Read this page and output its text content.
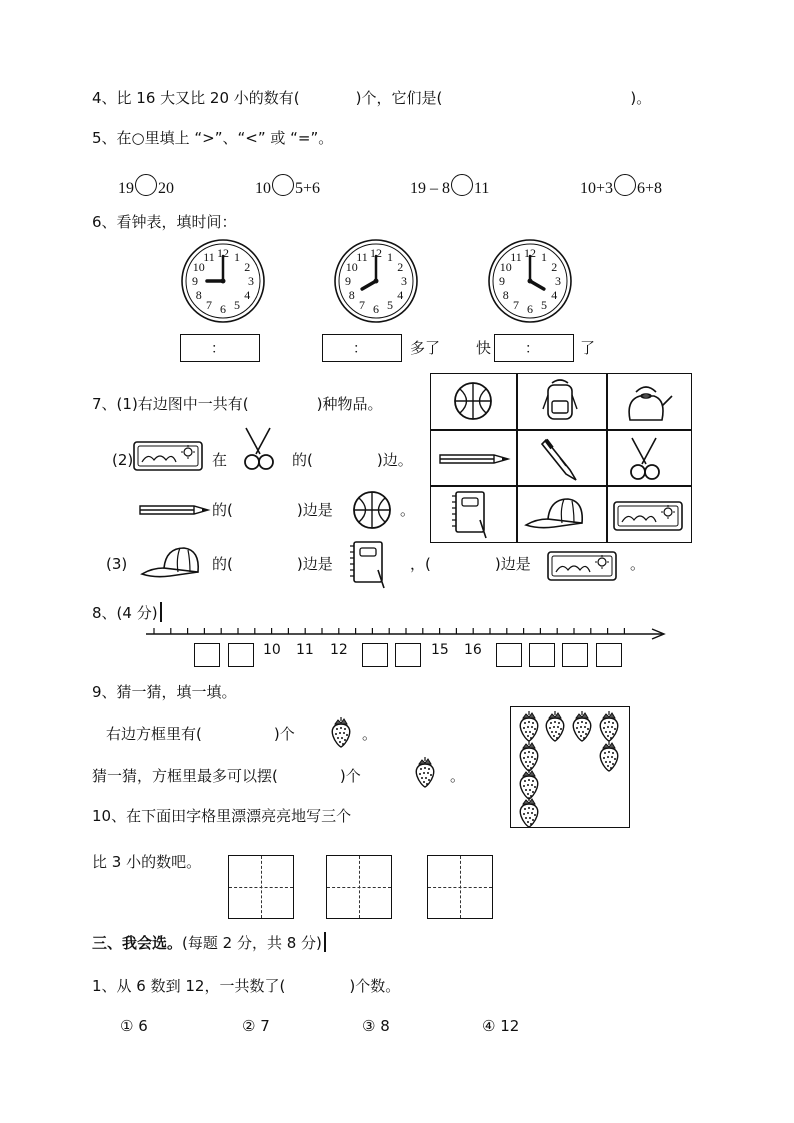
4、比 16 大又比 20 小的数有(	)个，它们是(	)。
5、在○里填上 “>”、“<” 或 “=”。
19 20	10 5+6	19 – 8 11	10+3 6+8
6、看钟表，填时间：
12 1
2
3
4
5
6
7
8
9
10
11	12 1
2
3
4
5
6
7
8
9
10
11	12 1
2
3
4
5
6
7
8
9
10
11
：	：	多了 快 ：	了
7、(1)右边图中一共有(	)种物品。
(2)	在	的(	)边。
的(	)边是	。
(3)	的(	)边是	，(	)边是	。
8、(4 分)
10 11 12	15 16
9、猜一猜，填一填。
右边方框里有(	)个	。
猜一猜，方框里最多可以摆(	)个	。
10、在下面田字格里漂漂亮亮地写三个
比 3 小的数吧。
三、我会选。(每题 2 分，共 8 分)
1、从 6 数到 12，一共数了(	)个数。
① 6	② 7	③ 8	④ 12
